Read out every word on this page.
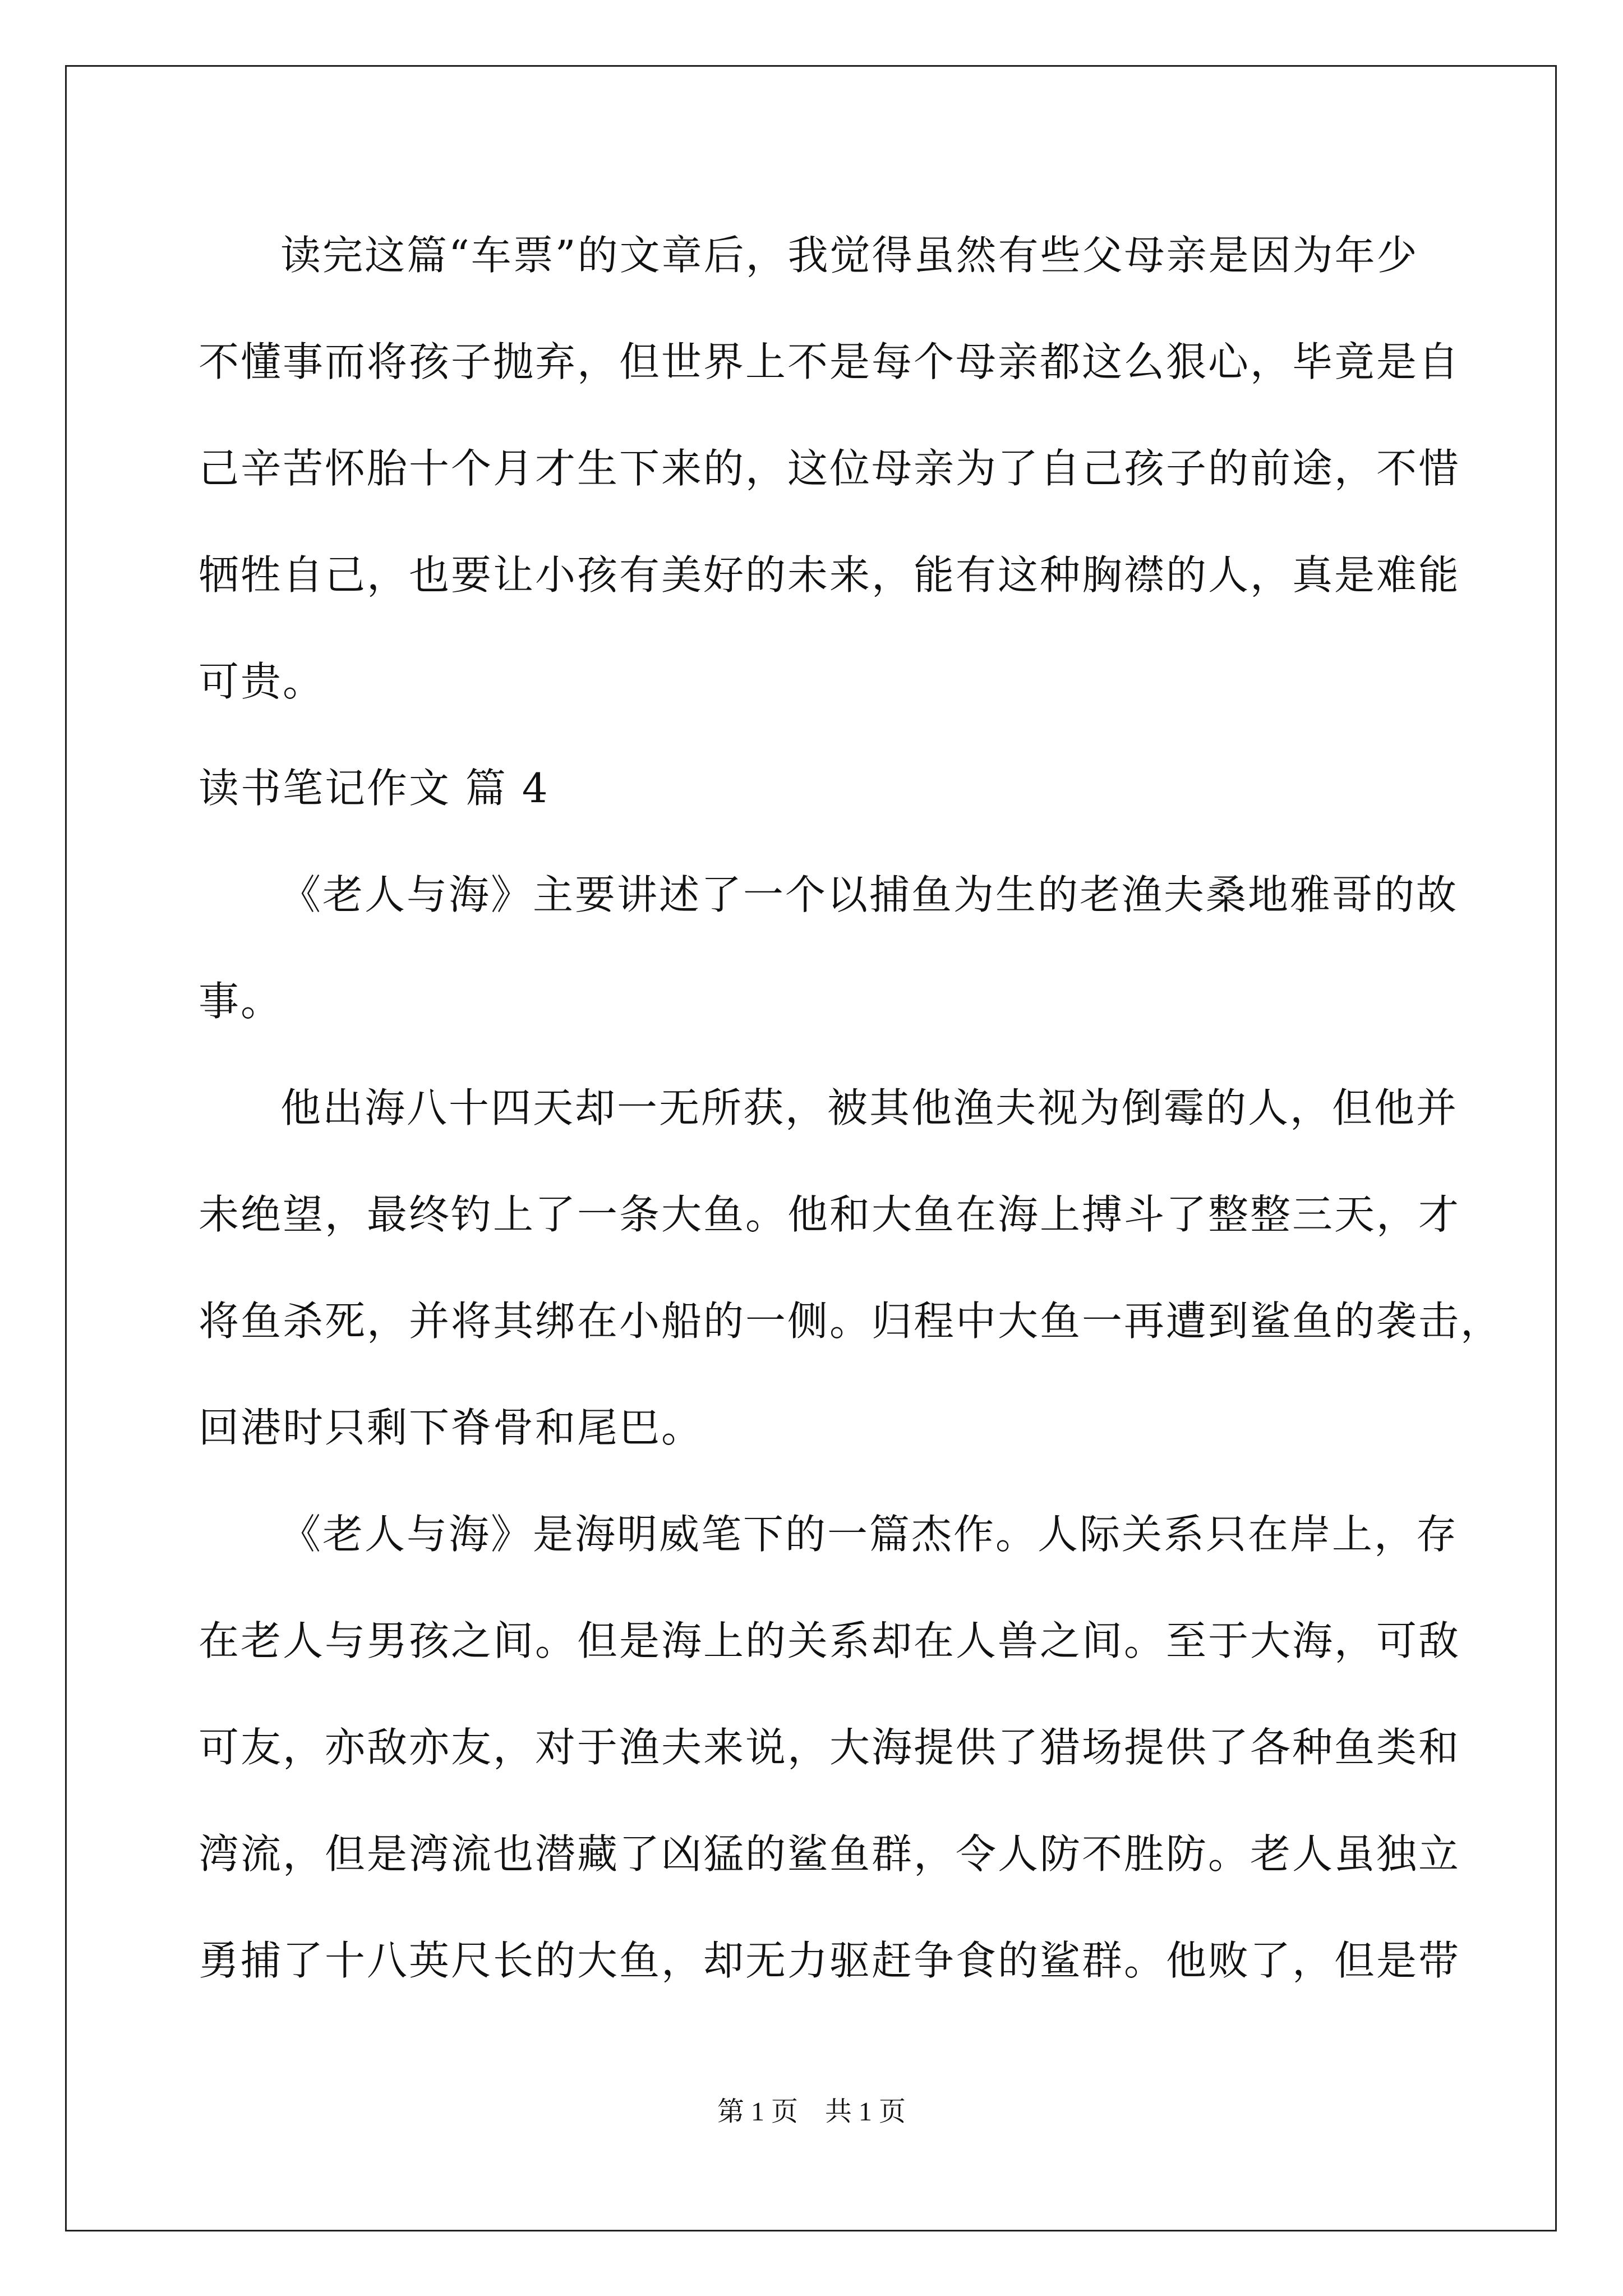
读完这篇“车票”的文章后，我觉得虽然有些父母亲是因为年少
不懂事而将孩子抛弃，但世界上不是每个母亲都这么狠心，毕竟是自
己辛苦怀胎十个月才生下来的，这位母亲为了自己孩子的前途，不惜
牺牲自己，也要让小孩有美好的未来，能有这种胸襟的人，真是难能
可贵。
读书笔记作文 篇 4
《老人与海》主要讲述了一个以捕鱼为生的老渔夫桑地雅哥的故
事。
他出海八十四天却一无所获，被其他渔夫视为倒霉的人，但他并
未绝望，最终钓上了一条大鱼。他和大鱼在海上搏斗了整整三天，才
将鱼杀死，并将其绑在小船的一侧。归程中大鱼一再遭到鲨鱼的袭击，
回港时只剩下脊骨和尾巴。
《老人与海》是海明威笔下的一篇杰作。人际关系只在岸上，存
在老人与男孩之间。但是海上的关系却在人兽之间。至于大海，可敌
可友，亦敌亦友，对于渔夫来说，大海提供了猎场提供了各种鱼类和
湾流，但是湾流也潜藏了凶猛的鲨鱼群，令人防不胜防。老人虽独立
勇捕了十八英尺长的大鱼，却无力驱赶争食的鲨群。他败了，但是带
第 1 页 共 1 页
